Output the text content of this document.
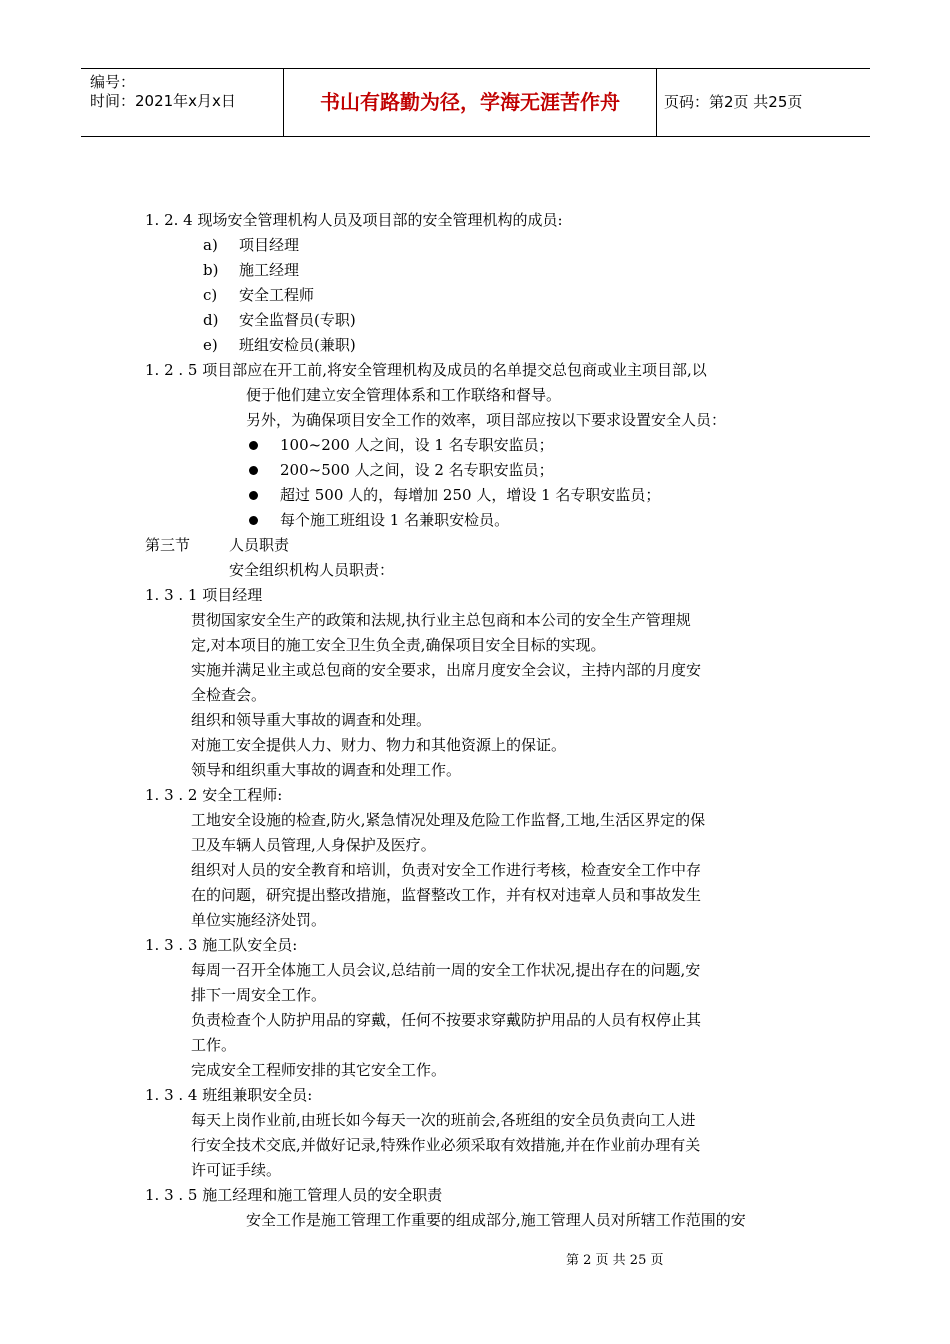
编号：
时间：2021年x月x日	书山有路勤为径，学海无涯苦作舟	页码：第2页 共25页
1. 2. 4 现场安全管理机构人员及项目部的安全管理机构的成员:
a) 项目经理
b) 施工经理
c) 安全工程师
d) 安全监督员(专职)
e) 班组安检员(兼职)
1. 2 . 5 项目部应在开工前,将安全管理机构及成员的名单提交总包商或业主项目部,以
便于他们建立安全管理体系和工作联络和督导。
另外，为确保项目安全工作的效率，项目部应按以下要求设置安全人员：
100~200 人之间，设 1 名专职安监员；
200~500 人之间，设 2 名专职安监员；
超过 500 人的，每增加 250 人，增设 1 名专职安监员；
每个施工班组设 1 名兼职安检员。
第三节	人员职责
安全组织机构人员职责：
1. 3 . 1 项目经理
贯彻国家安全生产的政策和法规,执行业主总包商和本公司的安全生产管理规
定,对本项目的施工安全卫生负全责,确保项目安全目标的实现。
实施并满足业主或总包商的安全要求，出席月度安全会议，主持内部的月度安
全检查会。
组织和领导重大事故的调查和处理。
对施工安全提供人力、财力、物力和其他资源上的保证。
领导和组织重大事故的调查和处理工作。
1. 3 . 2 安全工程师:
工地安全设施的检查,防火,紧急情况处理及危险工作监督,工地,生活区界定的保
卫及车辆人员管理,人身保护及医疗。
组织对人员的安全教育和培训，负责对安全工作进行考核，检查安全工作中存
在的问题，研究提出整改措施，监督整改工作，并有权对违章人员和事故发生
单位实施经济处罚。
1. 3 . 3 施工队安全员:
每周一召开全体施工人员会议,总结前一周的安全工作状况,提出存在的问题,安
排下一周安全工作。
负责检查个人防护用品的穿戴，任何不按要求穿戴防护用品的人员有权停止其
工作。
完成安全工程师安排的其它安全工作。
1. 3 . 4 班组兼职安全员:
每天上岗作业前,由班长如今每天一次的班前会,各班组的安全员负责向工人进
行安全技术交底,并做好记录,特殊作业必须采取有效措施,并在作业前办理有关
许可证手续。
1. 3 . 5 施工经理和施工管理人员的安全职责
安全工作是施工管理工作重要的组成部分,施工管理人员对所辖工作范围的安
第 2 页 共 25 页
